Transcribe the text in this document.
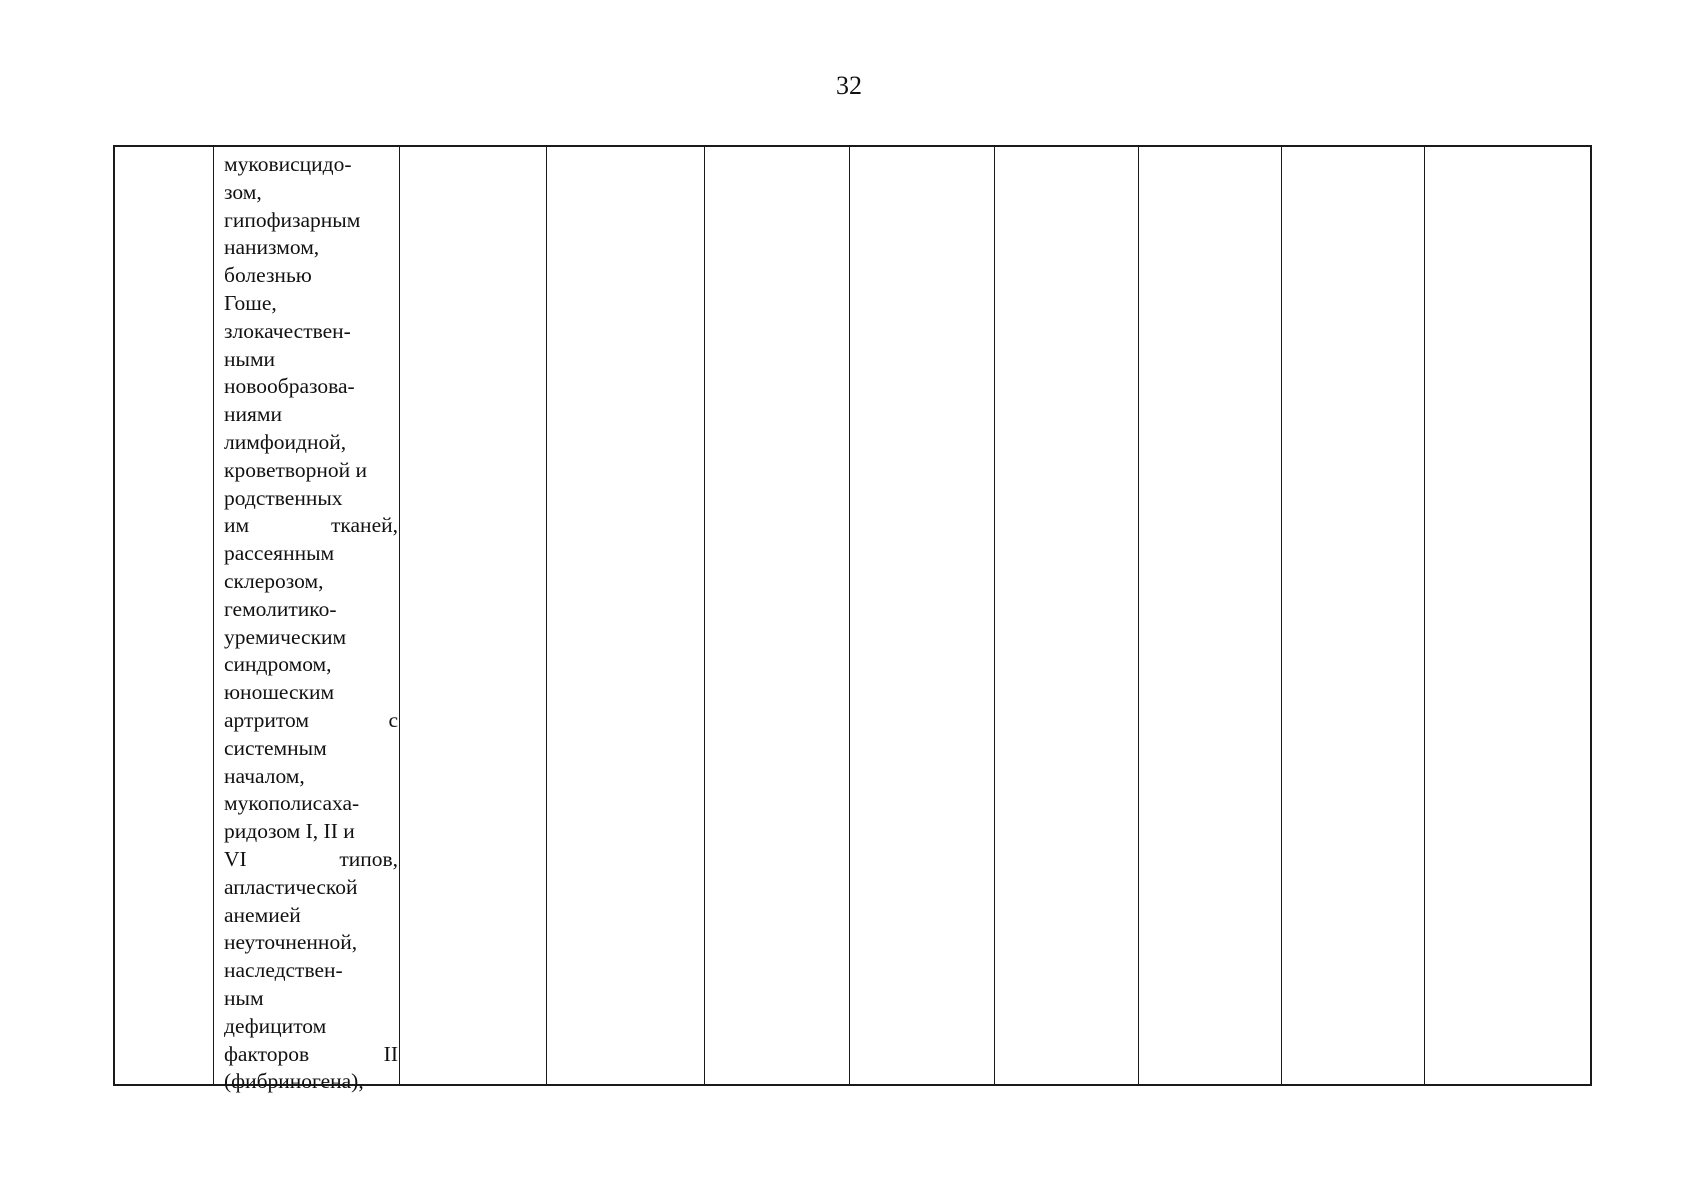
32
муковисцидо-
зом,
гипофизарным
нанизмом,
болезнью
Гоше,
злокачествен-
ными
новообразова-
ниями
лимфоидной,
кроветворной и
родственных
им	тканей,
рассеянным
склерозом,
гемолитико-
уремическим
синдромом,
юношеским
артритом	с
системным
началом,
мукополисаха-
ридозом I, II и
VI	типов,
апластической
анемией
неуточненной,
наследствен-
ным
дефицитом
факторов	II
(фибриногена),
